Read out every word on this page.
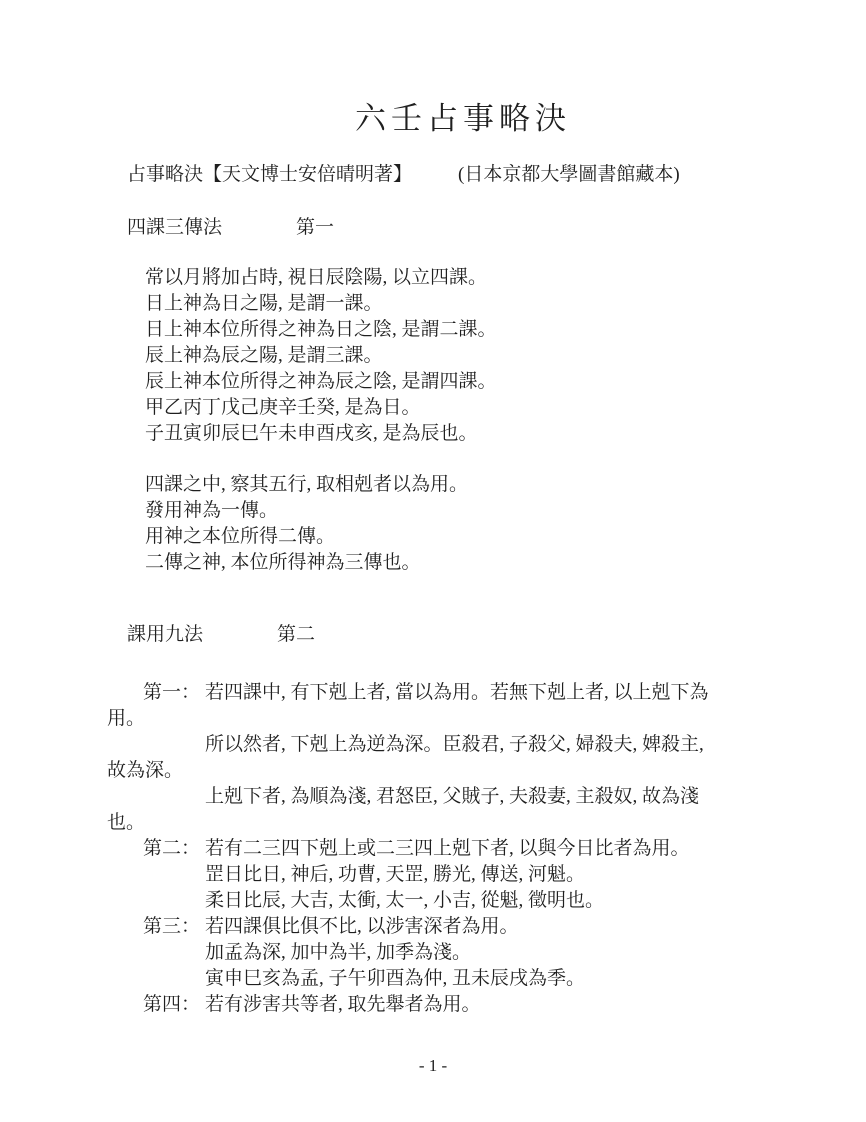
六壬占事略決
占事略決【天文博士安倍晴明著】 (日本京都大學圖書館藏本)
四課三傳法	第一
常以月將加占時, 視日辰陰陽, 以立四課。
日上神為日之陽, 是謂一課。
日上神本位所得之神為日之陰, 是謂二課。
辰上神為辰之陽, 是謂三課。
辰上神本位所得之神為辰之陰, 是謂四課。
甲乙丙丁戊己庚辛壬癸, 是為日。
子丑寅卯辰巳午未申酉戌亥, 是為辰也。
四課之中, 察其五行, 取相剋者以為用。
發用神為一傳。
用神之本位所得二傳。
二傳之神, 本位所得神為三傳也。
課用九法	第二
第一： 若四課中, 有下剋上者, 當以為用。若無下剋上者, 以上剋下為
用。
所以然者, 下剋上為逆為深。臣殺君, 子殺父, 婦殺夫, 婢殺主,
故為深。
上剋下者, 為順為淺, 君怒臣, 父賊子, 夫殺妻, 主殺奴, 故為淺
也。
第二： 若有二三四下剋上或二三四上剋下者, 以與今日比者為用。
罡日比日, 神后, 功曹, 天罡, 勝光, 傳送, 河魁。
柔日比辰, 大吉, 太衝, 太一, 小吉, 從魁, 徵明也。
第三： 若四課俱比俱不比, 以涉害深者為用。
加孟為深, 加中為半, 加季為淺。
寅申巳亥為孟, 子午卯酉為仲, 丑未辰戌為季。
第四： 若有涉害共等者, 取先舉者為用。
- 1 -
